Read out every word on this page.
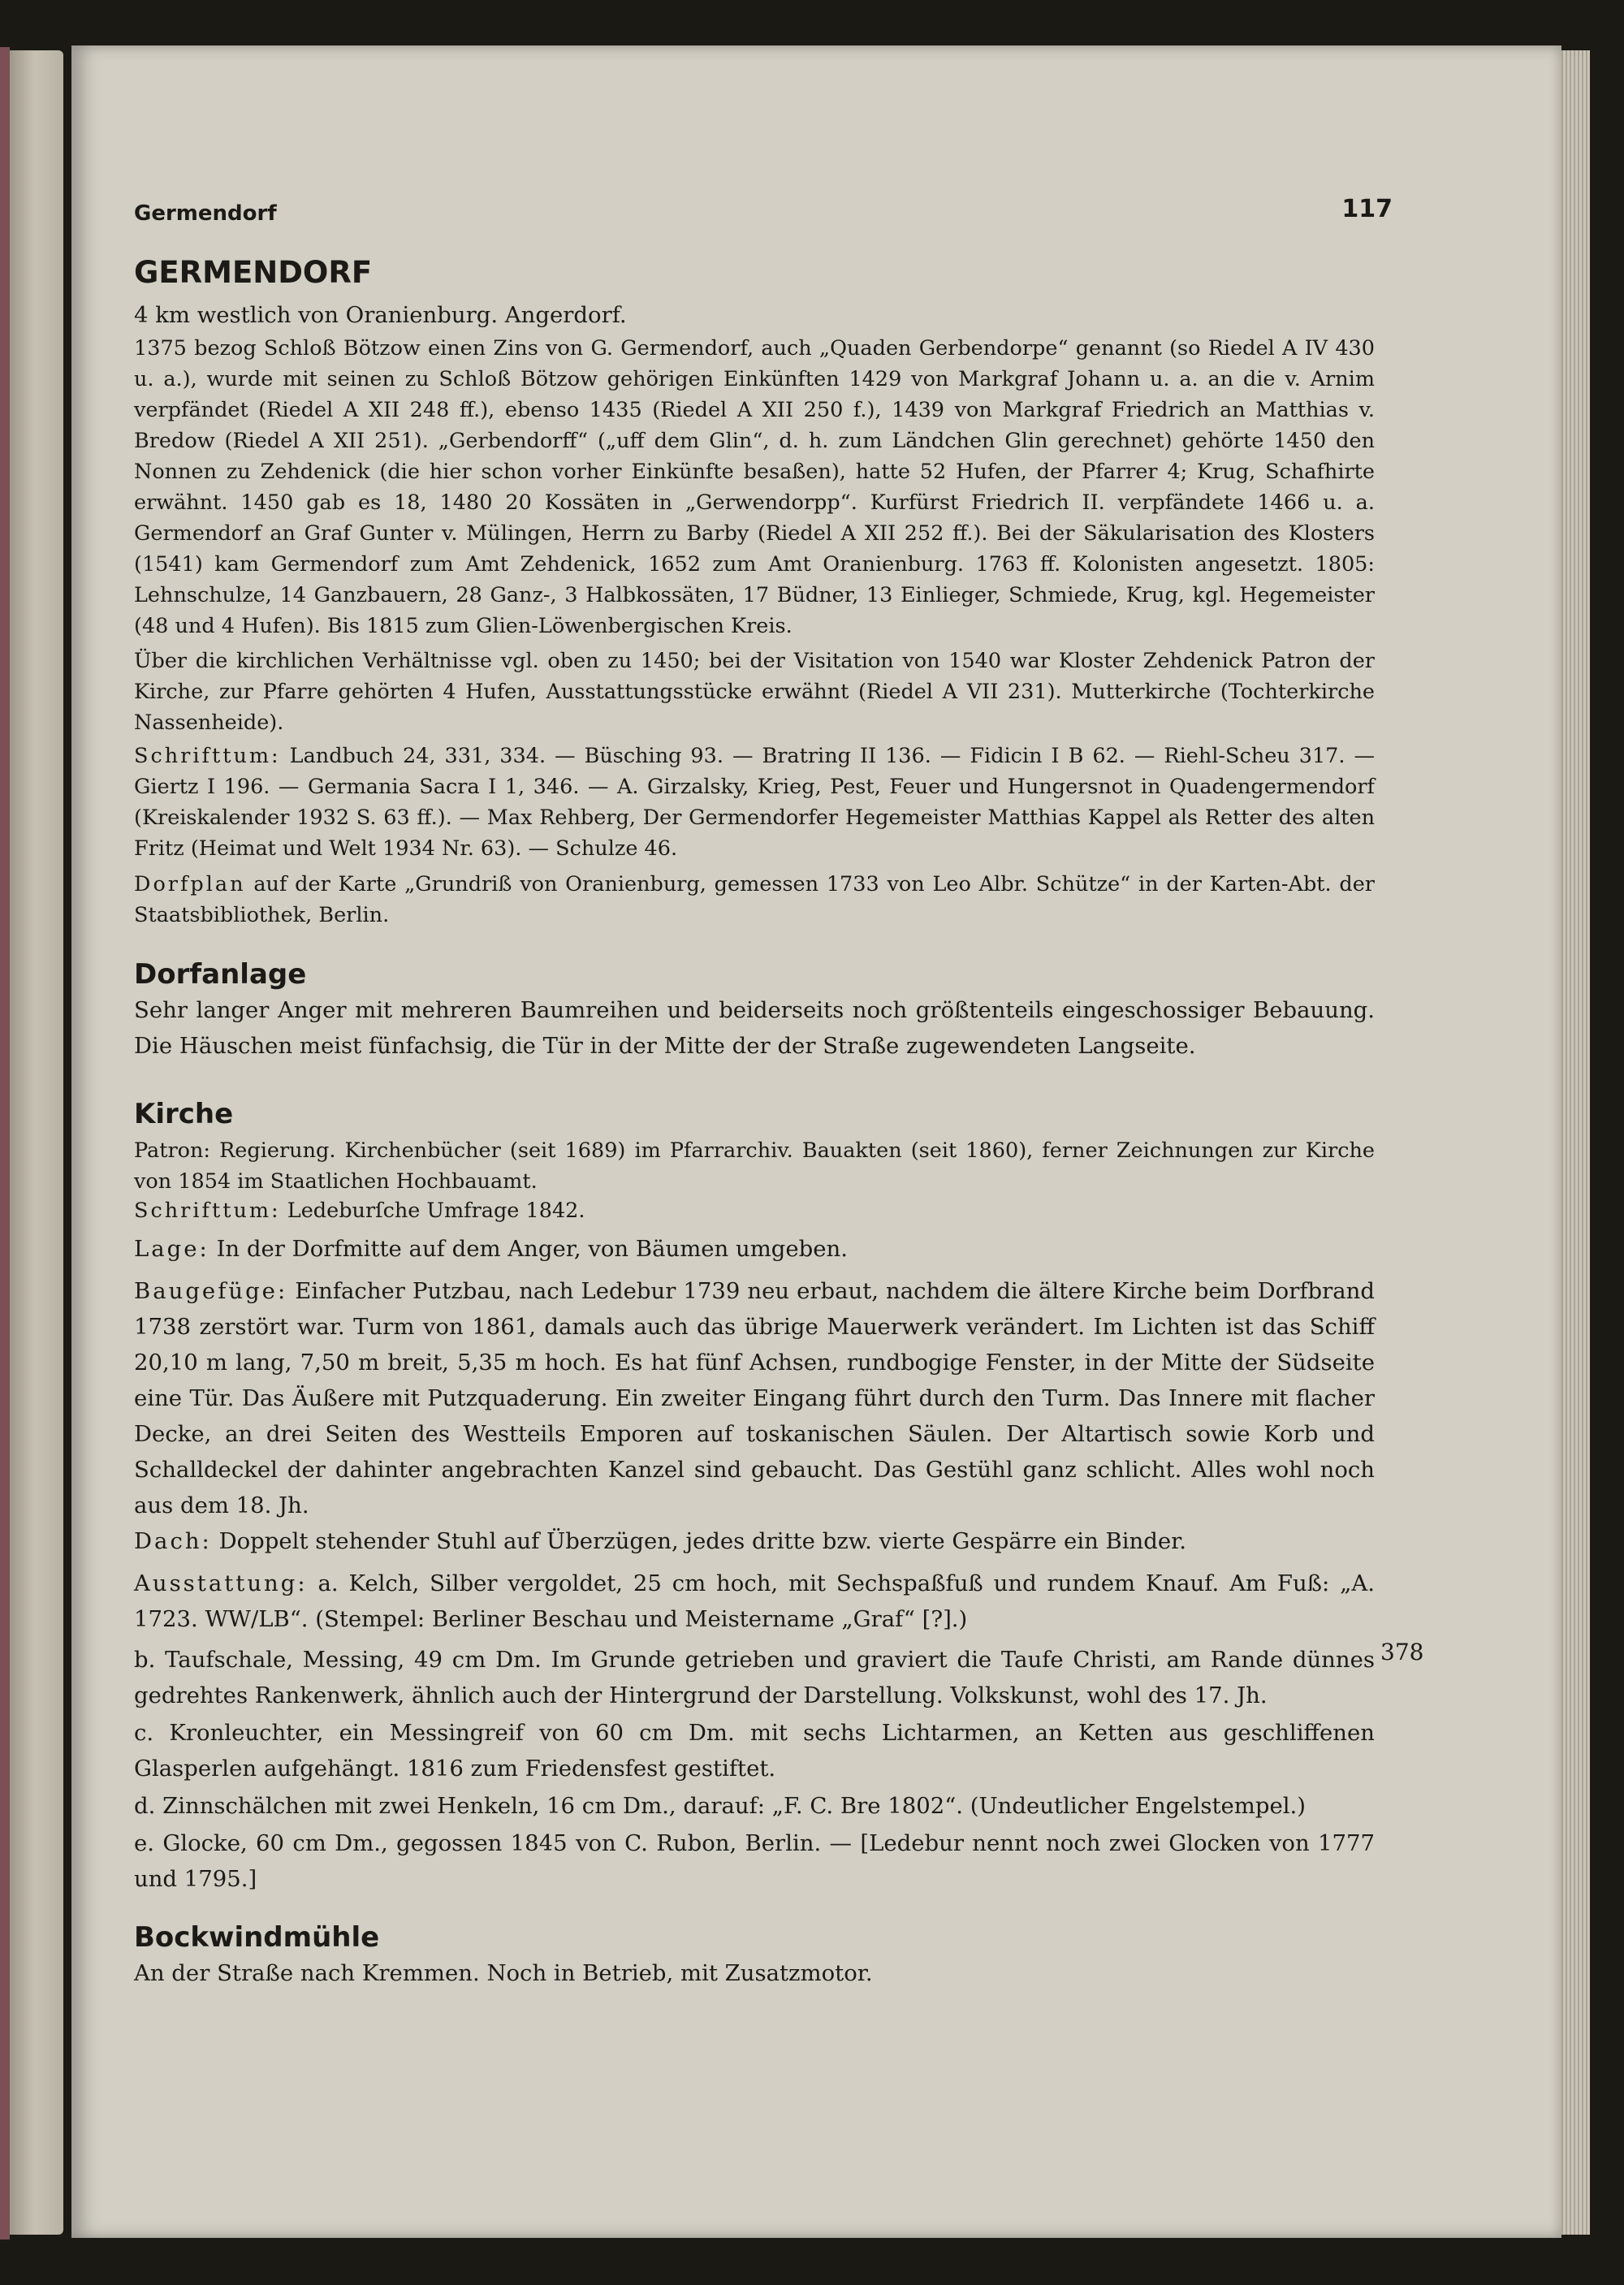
Germendorf	117
GERMENDORF
4 km westlich von Oranienburg. Angerdorf.
1375 bezog Schloß Bötzow einen Zins von G. Germendorf, auch „Quaden Gerbendorpe“ genannt (so Riedel A IV 430 u. a.), wurde mit seinen zu Schloß Bötzow gehörigen Einkünften 1429 von Markgraf Johann u. a. an die v. Arnim verpfändet (Riedel A XII 248 ff.), ebenso 1435 (Riedel A XII 250 f.), 1439 von Markgraf Friedrich an Matthias v. Bredow (Riedel A XII 251). „Gerbendorff“ („uff dem Glin“, d. h. zum Ländchen Glin gerechnet) gehörte 1450 den Nonnen zu Zehdenick (die hier schon vorher Einkünfte besaßen), hatte 52 Hufen, der Pfarrer 4; Krug, Schafhirte erwähnt. 1450 gab es 18, 1480 20 Kossäten in „Gerwendorpp“. Kurfürst Friedrich II. verpfändete 1466 u. a. Germendorf an Graf Gunter v. Mülingen, Herrn zu Barby (Riedel A XII 252 ff.). Bei der Säkularisation des Klosters (1541) kam Germendorf zum Amt Zehdenick, 1652 zum Amt Oranienburg. 1763 ff. Kolonisten angesetzt. 1805: Lehnschulze, 14 Ganzbauern, 28 Ganz-, 3 Halbkossäten, 17 Büdner, 13 Einlieger, Schmiede, Krug, kgl. Hegemeister (48 und 4 Hufen). Bis 1815 zum Glien-Löwenbergischen Kreis.
Über die kirchlichen Verhältnisse vgl. oben zu 1450; bei der Visitation von 1540 war Kloster Zehdenick Patron der Kirche, zur Pfarre gehörten 4 Hufen, Ausstattungsstücke erwähnt (Riedel A VII 231). Mutterkirche (Tochterkirche Nassenheide).
Schrifttum: Landbuch 24, 331, 334. — Büsching 93. — Bratring II 136. — Fidicin I B 62. — Riehl-Scheu 317. — Giertz I 196. — Germania Sacra I 1, 346. — A. Girzalsky, Krieg, Pest, Feuer und Hungersnot in Quadengermendorf (Kreiskalender 1932 S. 63 ff.). — Max Rehberg, Der Germendorfer Hegemeister Matthias Kappel als Retter des alten Fritz (Heimat und Welt 1934 Nr. 63). — Schulze 46.
Dorfplan auf der Karte „Grundriß von Oranienburg, gemessen 1733 von Leo Albr. Schütze“ in der Karten-Abt. der Staatsbibliothek, Berlin.
Dorfanlage
Sehr langer Anger mit mehreren Baumreihen und beiderseits noch größtenteils eingeschossiger Bebauung. Die Häuschen meist fünfachsig, die Tür in der Mitte der der Straße zugewendeten Langseite.
Kirche
Patron: Regierung. Kirchenbücher (seit 1689) im Pfarrarchiv. Bauakten (seit 1860), ferner Zeichnungen zur Kirche von 1854 im Staatlichen Hochbauamt.
Schrifttum: Ledeburſche Umfrage 1842.
Lage: In der Dorfmitte auf dem Anger, von Bäumen umgeben.
Baugefüge: Einfacher Putzbau, nach Ledebur 1739 neu erbaut, nachdem die ältere Kirche beim Dorfbrand 1738 zerstört war. Turm von 1861, damals auch das übrige Mauerwerk verändert. Im Lichten ist das Schiff 20,10 m lang, 7,50 m breit, 5,35 m hoch. Es hat fünf Achsen, rundbogige Fenster, in der Mitte der Südseite eine Tür. Das Äußere mit Putzquaderung. Ein zweiter Eingang führt durch den Turm. Das Innere mit flacher Decke, an drei Seiten des Westteils Emporen auf toskanischen Säulen. Der Altartisch sowie Korb und Schalldeckel der dahinter angebrachten Kanzel sind gebaucht. Das Gestühl ganz schlicht. Alles wohl noch aus dem 18. Jh.
Dach: Doppelt stehender Stuhl auf Überzügen, jedes dritte bzw. vierte Gespärre ein Binder.
Ausstattung: a. Kelch, Silber vergoldet, 25 cm hoch, mit Sechspaßfuß und rundem Knauf. Am Fuß: „A. 1723. WW/LB“. (Stempel: Berliner Beschau und Meistername „Graf“ [?].)
b. Taufschale, Messing, 49 cm Dm. Im Grunde getrieben und graviert die Taufe Christi, am Rande dünnes gedrehtes Rankenwerk, ähnlich auch der Hintergrund der Darstellung. Volkskunst, wohl des 17. Jh.
378
c. Kronleuchter, ein Messingreif von 60 cm Dm. mit sechs Lichtarmen, an Ketten aus geschliffenen Glasperlen aufgehängt. 1816 zum Friedensfest gestiftet.
d. Zinnschälchen mit zwei Henkeln, 16 cm Dm., darauf: „F. C. Bre 1802“. (Undeutlicher Engelstempel.)
e. Glocke, 60 cm Dm., gegossen 1845 von C. Rubon, Berlin. — [Ledebur nennt noch zwei Glocken von 1777 und 1795.]
Bockwindmühle
An der Straße nach Kremmen. Noch in Betrieb, mit Zusatzmotor.
